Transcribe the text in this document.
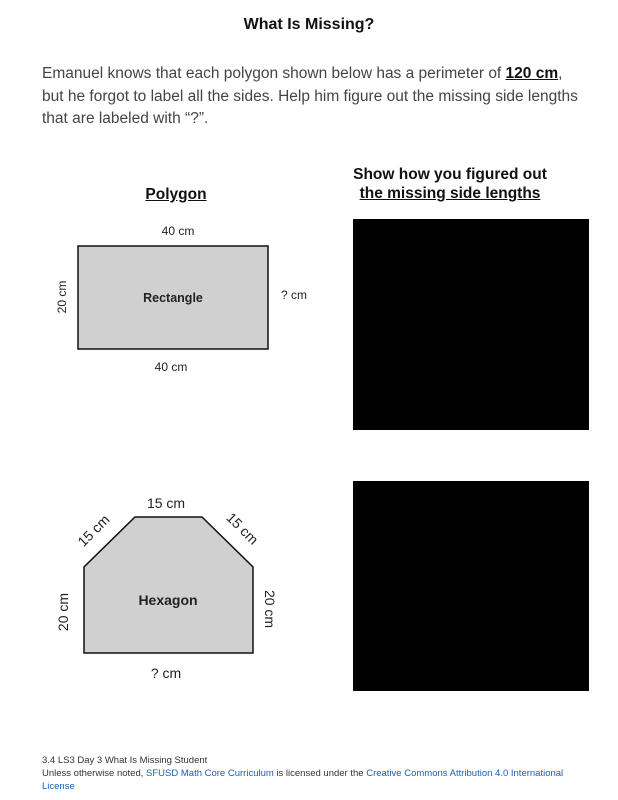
What Is Missing?
Emanuel knows that each polygon shown below has a perimeter of 120 cm, but he forgot to label all the sides. Help him figure out the missing side lengths that are labeled with “?”.
Polygon
Show how you figured out
the missing side lengths
Rectangle
40 cm
40 cm
? cm
20 cm
Hexagon
15 cm
15 cm	15 cm
20 cm	20 cm
? cm
3.4 LS3 Day 3 What Is Missing Student
Unless otherwise noted, SFUSD Math Core Curriculum is licensed under the Creative Commons Attribution 4.0 International License
